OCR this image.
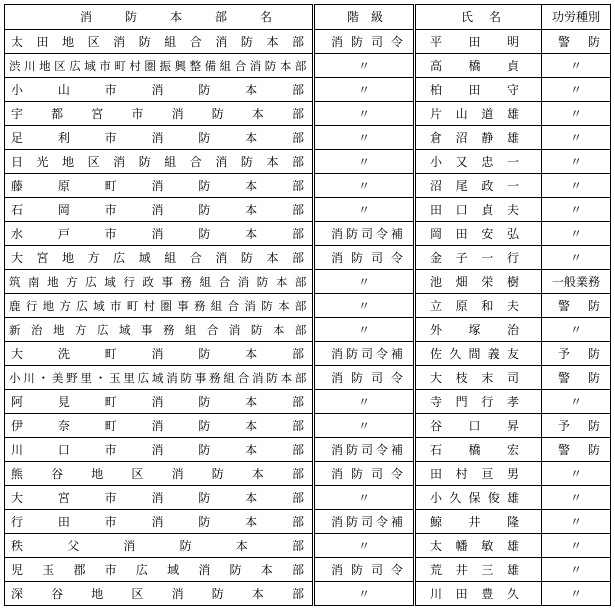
消防本部名	階級	氏名	功労種別
太田地区消防組合消防本部	消防司令	平田明	警防
渋川地区広域市町村圏振興整備組合消防本部	〃	高橋貞	〃
小山市消防本部	〃	柏田守	〃
宇都宮市消防本部	〃	片山道雄	〃
足利市消防本部	〃	倉沼静雄	〃
日光地区消防組合消防本部	〃	小又忠一	〃
藤原町消防本部	〃	沼尾政一	〃
石岡市消防本部	〃	田口貞夫	〃
水戸市消防本部	消防司令補	岡田安弘	〃
大宮地方広域組合消防本部	消防司令	金子一行	〃
筑南地方広域行政事務組合消防本部	〃	池畑栄樹	一般業務
鹿行地方広域市町村圏事務組合消防本部	〃	立原和夫	警防
新治地方広域事務組合消防本部	〃	外塚治	〃
大洗町消防本部	消防司令補	佐久間義友	予防
小川・美野里・玉里広域消防事務組合消防本部	消防司令	大枝末司	警防
阿見町消防本部	〃	寺門行孝	〃
伊奈町消防本部	〃	谷口昇	予防
川口市消防本部	消防司令補	石橋宏	警防
熊谷地区消防本部	消防司令	田村亘男	〃
大宮市消防本部	〃	小久保俊雄	〃
行田市消防本部	消防司令補	鯨井隆	〃
秩父消防本部	〃	太幡敏雄	〃
児玉郡市広域消防本部	消防司令	荒井三雄	〃
深谷地区消防本部	〃	川田豊久	〃
